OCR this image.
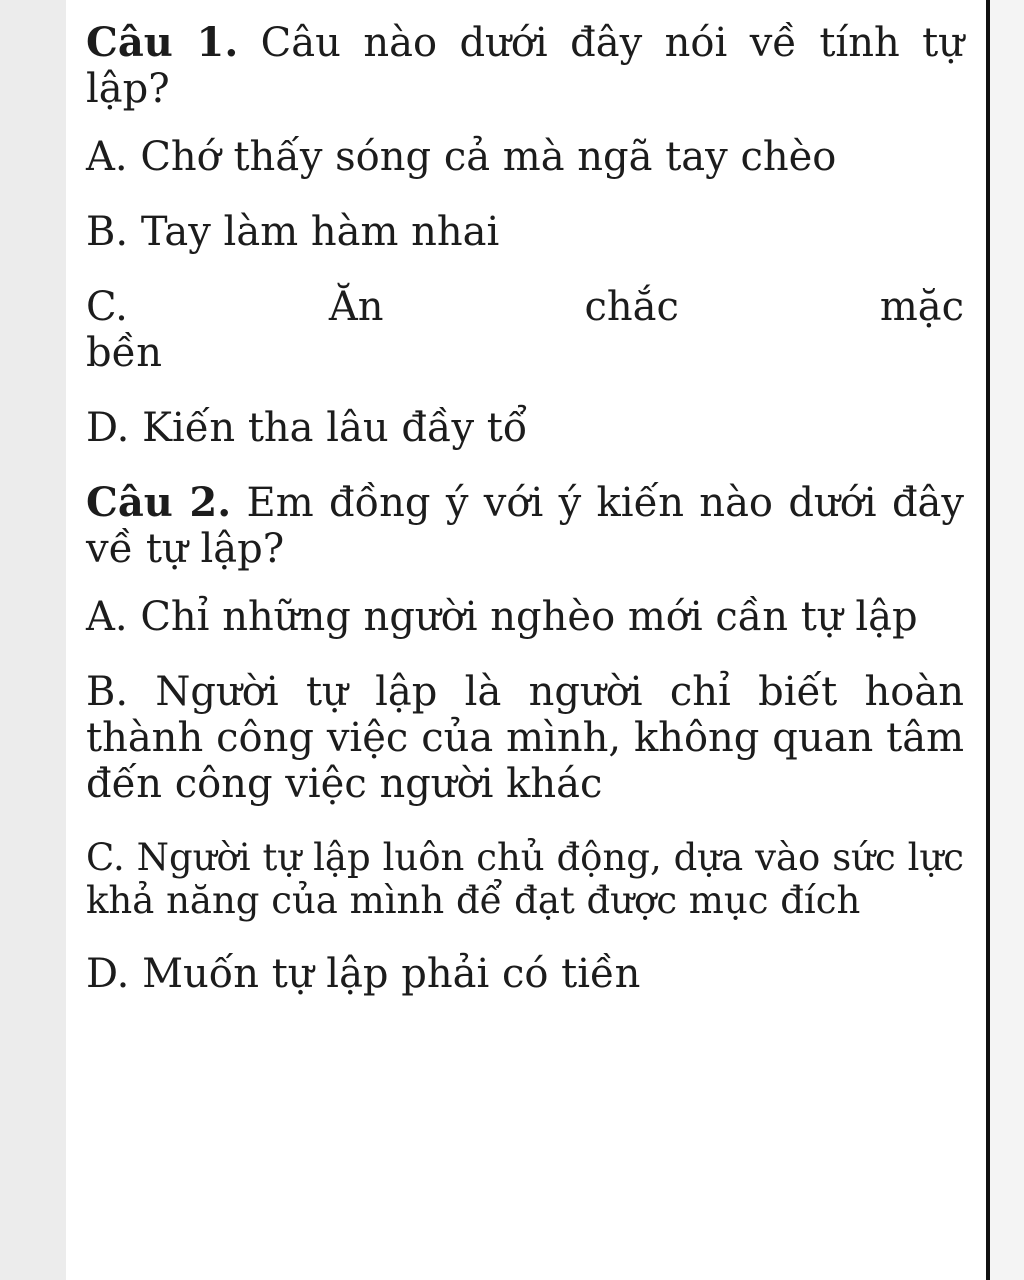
Câu 1. Câu nào dưới đây nói về tính tự lập?

A. Chớ thấy sóng cả mà ngã tay chèo

B. Tay làm hàm nhai

C. Ăn chắc mặc
bền

D. Kiến tha lâu đầy tổ

Câu 2. Em đồng ý với ý kiến nào dưới đây về tự lập?

A. Chỉ những người nghèo mới cần tự lập

B. Người tự lập là người chỉ biết hoàn thành công việc của mình, không quan tâm đến công việc người khác

C. Người tự lập luôn chủ động, dựa vào sức lực khả năng của mình để đạt được mục đích

D. Muốn tự lập phải có tiền
